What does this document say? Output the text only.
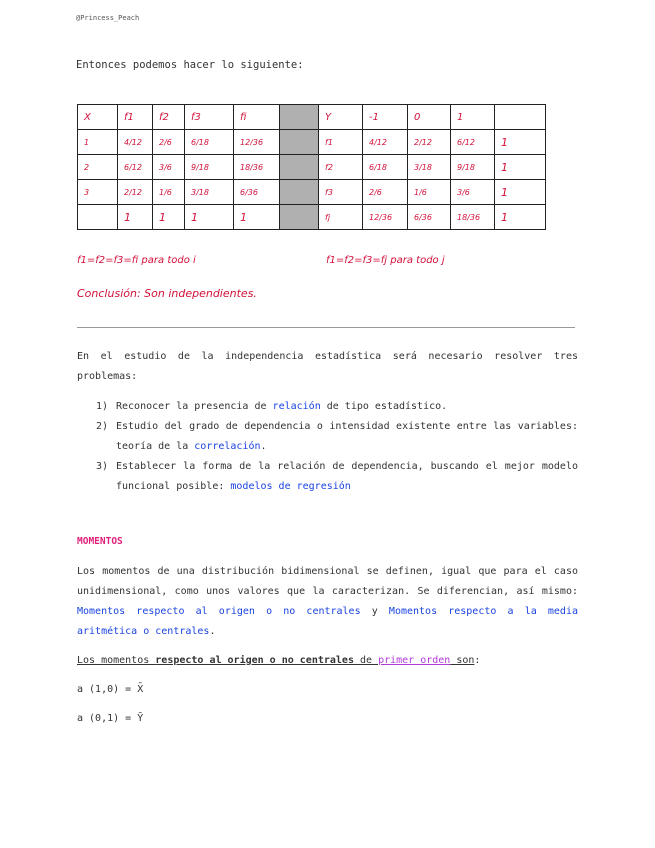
@Princess_Peach
Entonces podemos hacer lo siguiente:
X	f1	f2	f3	fi		Y	-1	0	1	
1	4/12	2/6	6/18	12/36		f1	4/12	2/12	6/12	1
2	6/12	3/6	9/18	18/36		f2	6/18	3/18	9/18	1
3	2/12	1/6	3/18	6/36		f3	2/6	1/6	3/6	1
	1	1	1	1		fj	12/36	6/36	18/36	1
f1=f2=f3=fi para todo i	f1=f2=f3=fj para todo j
Conclusión: Son independientes.
En el estudio de la independencia estadística será necesario resolver tres problemas:
1) Reconocer la presencia de relación de tipo estadístico.
2) Estudio del grado de dependencia o intensidad existente entre las variables: teoría de la correlación.
3) Establecer la forma de la relación de dependencia, buscando el mejor modelo funcional posible: modelos de regresión
MOMENTOS
Los momentos de una distribución bidimensional se definen, igual que para el caso unidimensional, como unos valores que la caracterizan. Se diferencian, así mismo: Momentos respecto al origen o no centrales y Momentos respecto a la media aritmética o centrales.
Los momentos respecto al origen o no centrales de primer orden son:
a (1,0) = X̄
a (0,1) = Ȳ
